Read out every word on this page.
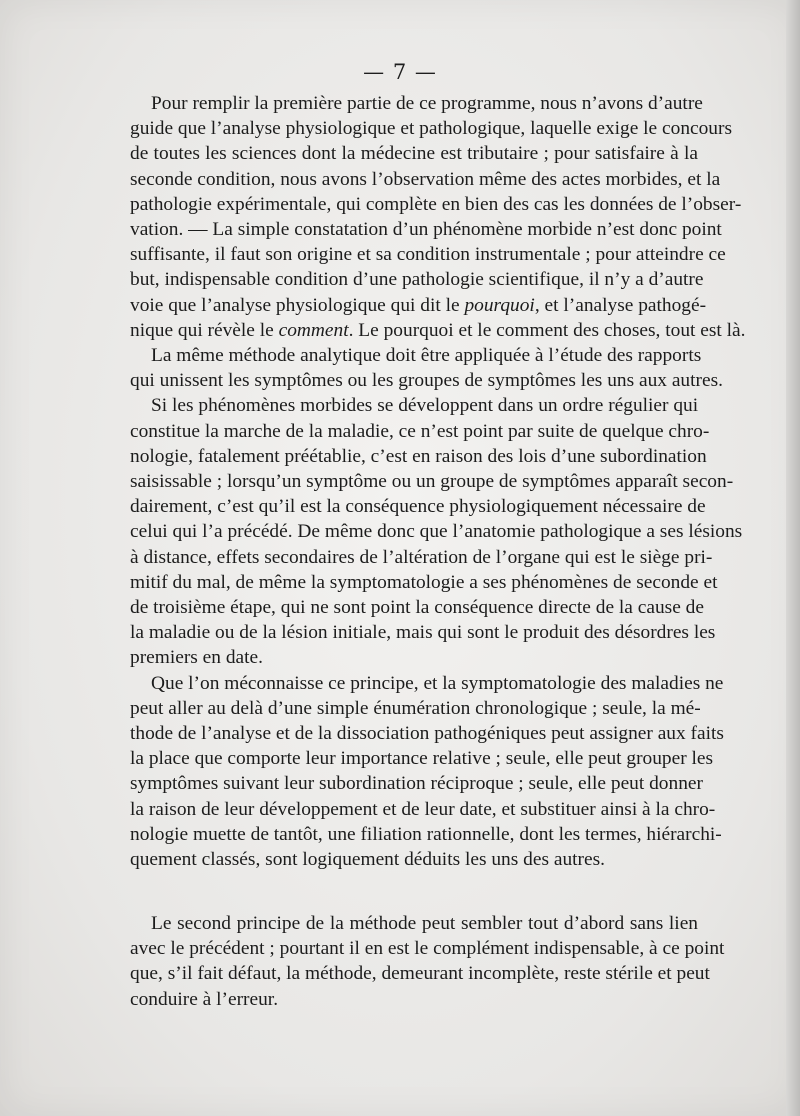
— 7 —
Pour remplir la première partie de ce programme, nous n’avons d’autre
guide que l’analyse physiologique et pathologique, laquelle exige le concours
de toutes les sciences dont la médecine est tributaire ; pour satisfaire à la
seconde condition, nous avons l’observation même des actes morbides, et la
pathologie expérimentale, qui complète en bien des cas les données de l’obser-
vation. — La simple constatation d’un phénomène morbide n’est donc point
suffisante, il faut son origine et sa condition instrumentale ; pour atteindre ce
but, indispensable condition d’une pathologie scientifique, il n’y a d’autre
voie que l’analyse physiologique qui dit le pourquoi, et l’analyse pathogé-
nique qui révèle le comment. Le pourquoi et le comment des choses, tout est là.
La même méthode analytique doit être appliquée à l’étude des rapports
qui unissent les symptômes ou les groupes de symptômes les uns aux autres.
Si les phénomènes morbides se développent dans un ordre régulier qui
constitue la marche de la maladie, ce n’est point par suite de quelque chro-
nologie, fatalement préétablie, c’est en raison des lois d’une subordination
saisissable ; lorsqu’un symptôme ou un groupe de symptômes apparaît secon-
dairement, c’est qu’il est la conséquence physiologiquement nécessaire de
celui qui l’a précédé. De même donc que l’anatomie pathologique a ses lésions
à distance, effets secondaires de l’altération de l’organe qui est le siège pri-
mitif du mal, de même la symptomatologie a ses phénomènes de seconde et
de troisième étape, qui ne sont point la conséquence directe de la cause de
la maladie ou de la lésion initiale, mais qui sont le produit des désordres les
premiers en date.
Que l’on méconnaisse ce principe, et la symptomatologie des maladies ne
peut aller au delà d’une simple énumération chronologique ; seule, la mé-
thode de l’analyse et de la dissociation pathogéniques peut assigner aux faits
la place que comporte leur importance relative ; seule, elle peut grouper les
symptômes suivant leur subordination réciproque ; seule, elle peut donner
la raison de leur développement et de leur date, et substituer ainsi à la chro-
nologie muette de tantôt, une filiation rationnelle, dont les termes, hiérarchi-
quement classés, sont logiquement déduits les uns des autres.
Le second principe de la méthode peut sembler tout d’abord sans lien
avec le précédent ; pourtant il en est le complément indispensable, à ce point
que, s’il fait défaut, la méthode, demeurant incomplète, reste stérile et peut
conduire à l’erreur.
